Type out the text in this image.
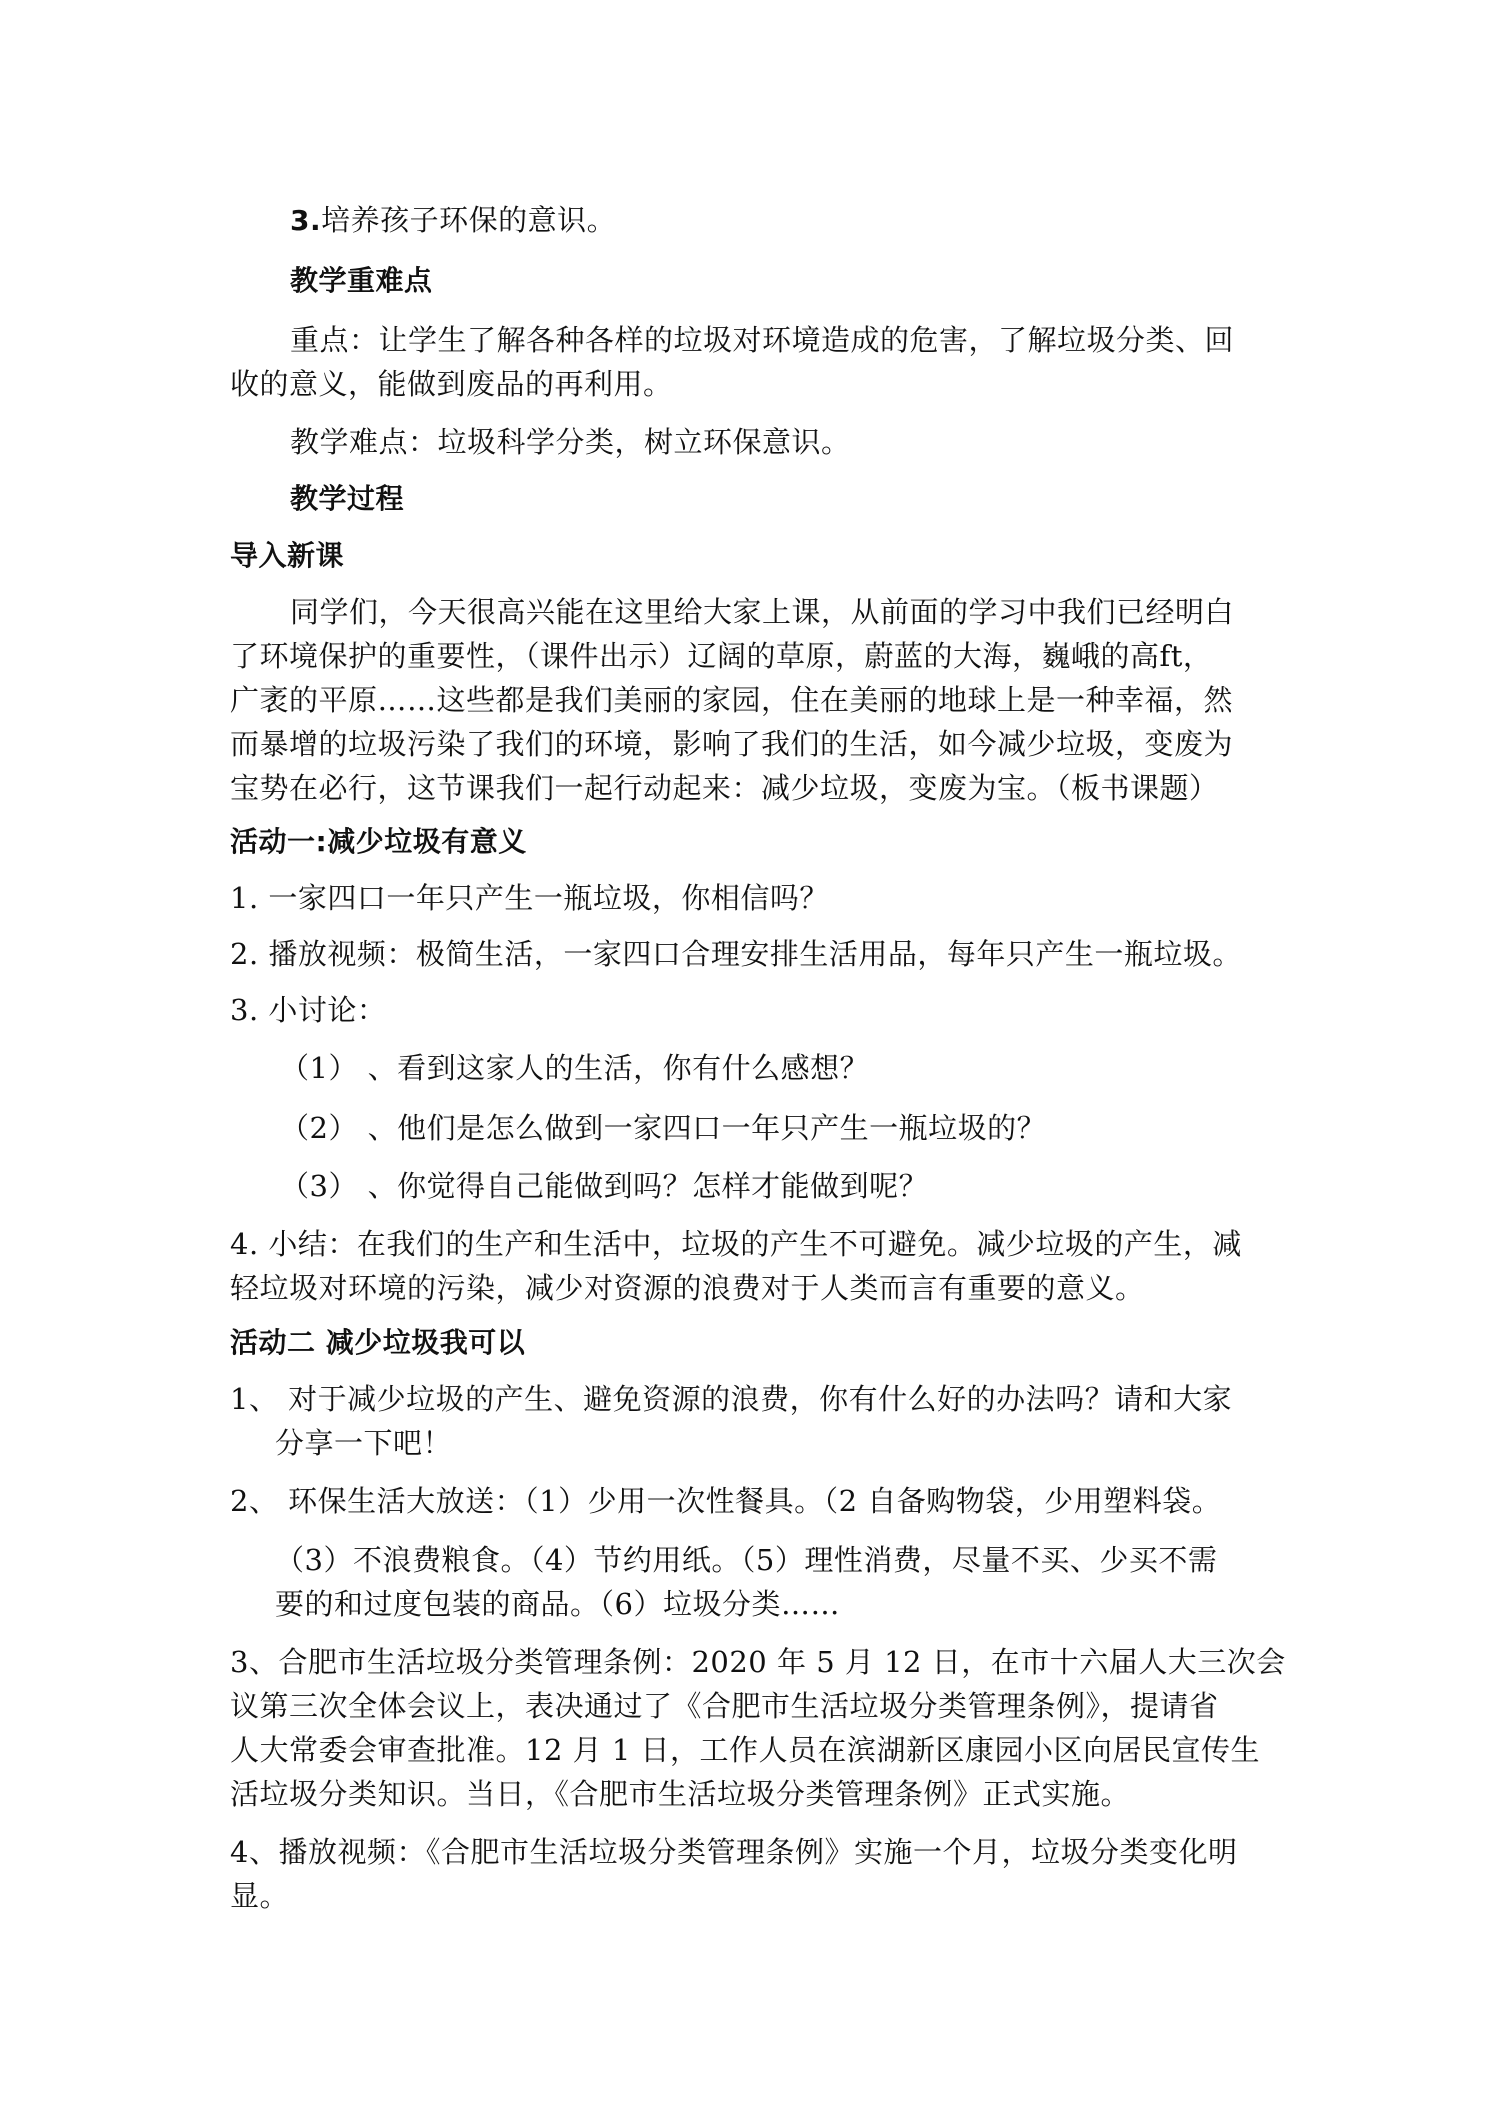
3.培养孩子环保的意识。
教学重难点
重点：让学生了解各种各样的垃圾对环境造成的危害，了解垃圾分类、回
收的意义，能做到废品的再利用。
教学难点：垃圾科学分类，树立环保意识。
教学过程
导入新课
同学们，今天很高兴能在这里给大家上课，从前面的学习中我们已经明白
了环境保护的重要性，（课件出示）辽阔的草原，蔚蓝的大海，巍峨的高ft，
广袤的平原……这些都是我们美丽的家园，住在美丽的地球上是一种幸福，然
而暴增的垃圾污染了我们的环境，影响了我们的生活，如今减少垃圾，变废为
宝势在必行，这节课我们一起行动起来：减少垃圾，变废为宝。（板书课题）
活动一:减少垃圾有意义
1. 一家四口一年只产生一瓶垃圾，你相信吗？
2. 播放视频：极简生活，一家四口合理安排生活用品，每年只产生一瓶垃圾。
3. 小讨论：
（1） 、看到这家人的生活，你有什么感想？
（2） 、他们是怎么做到一家四口一年只产生一瓶垃圾的？
（3） 、你觉得自己能做到吗？怎样才能做到呢？
4. 小结：在我们的生产和生活中，垃圾的产生不可避免。减少垃圾的产生，减
轻垃圾对环境的污染，减少对资源的浪费对于人类而言有重要的意义。
活动二 减少垃圾我可以
1、 对于减少垃圾的产生、避免资源的浪费，你有什么好的办法吗？请和大家
分享一下吧！
2、 环保生活大放送：（1）少用一次性餐具。（2 自备购物袋，少用塑料袋。
（3）不浪费粮食。（4）节约用纸。（5）理性消费，尽量不买、少买不需
要的和过度包装的商品。（6）垃圾分类……
3、合肥市生活垃圾分类管理条例：2020 年 5 月 12 日，在市十六届人大三次会
议第三次全体会议上，表决通过了《合肥市生活垃圾分类管理条例》，提请省
人大常委会审查批准。12 月 1 日，工作人员在滨湖新区康园小区向居民宣传生
活垃圾分类知识。当日，《合肥市生活垃圾分类管理条例》正式实施。
4、播放视频：《合肥市生活垃圾分类管理条例》实施一个月，垃圾分类变化明
显。
